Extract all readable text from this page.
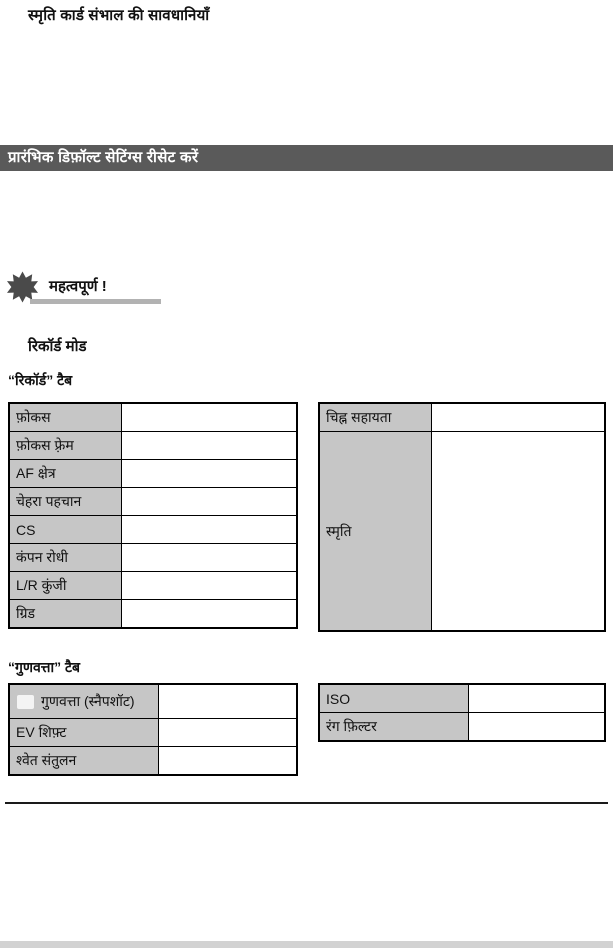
स्मृति कार्ड संभाल की सावधानियाँ
प्रारंभिक डिफ़ॉल्ट सेटिंग्स रीसेट करें
महत्वपूर्ण !
रिकॉर्ड मोड
“रिकॉर्ड” टैब
फ़ोकस	
फ़ोकस फ़्रेम	
AF क्षेत्र	
चेहरा पहचान	
CS	
कंपन रोधी	
L/R कुंजी	
ग्रिड	
चिह्न सहायता	
स्मृति	
“गुणवत्ता” टैब
गुणवत्ता (स्नैपशॉट)	
EV शिफ़्ट	
श्वेत संतुलन	
ISO	
रंग फ़िल्टर	
